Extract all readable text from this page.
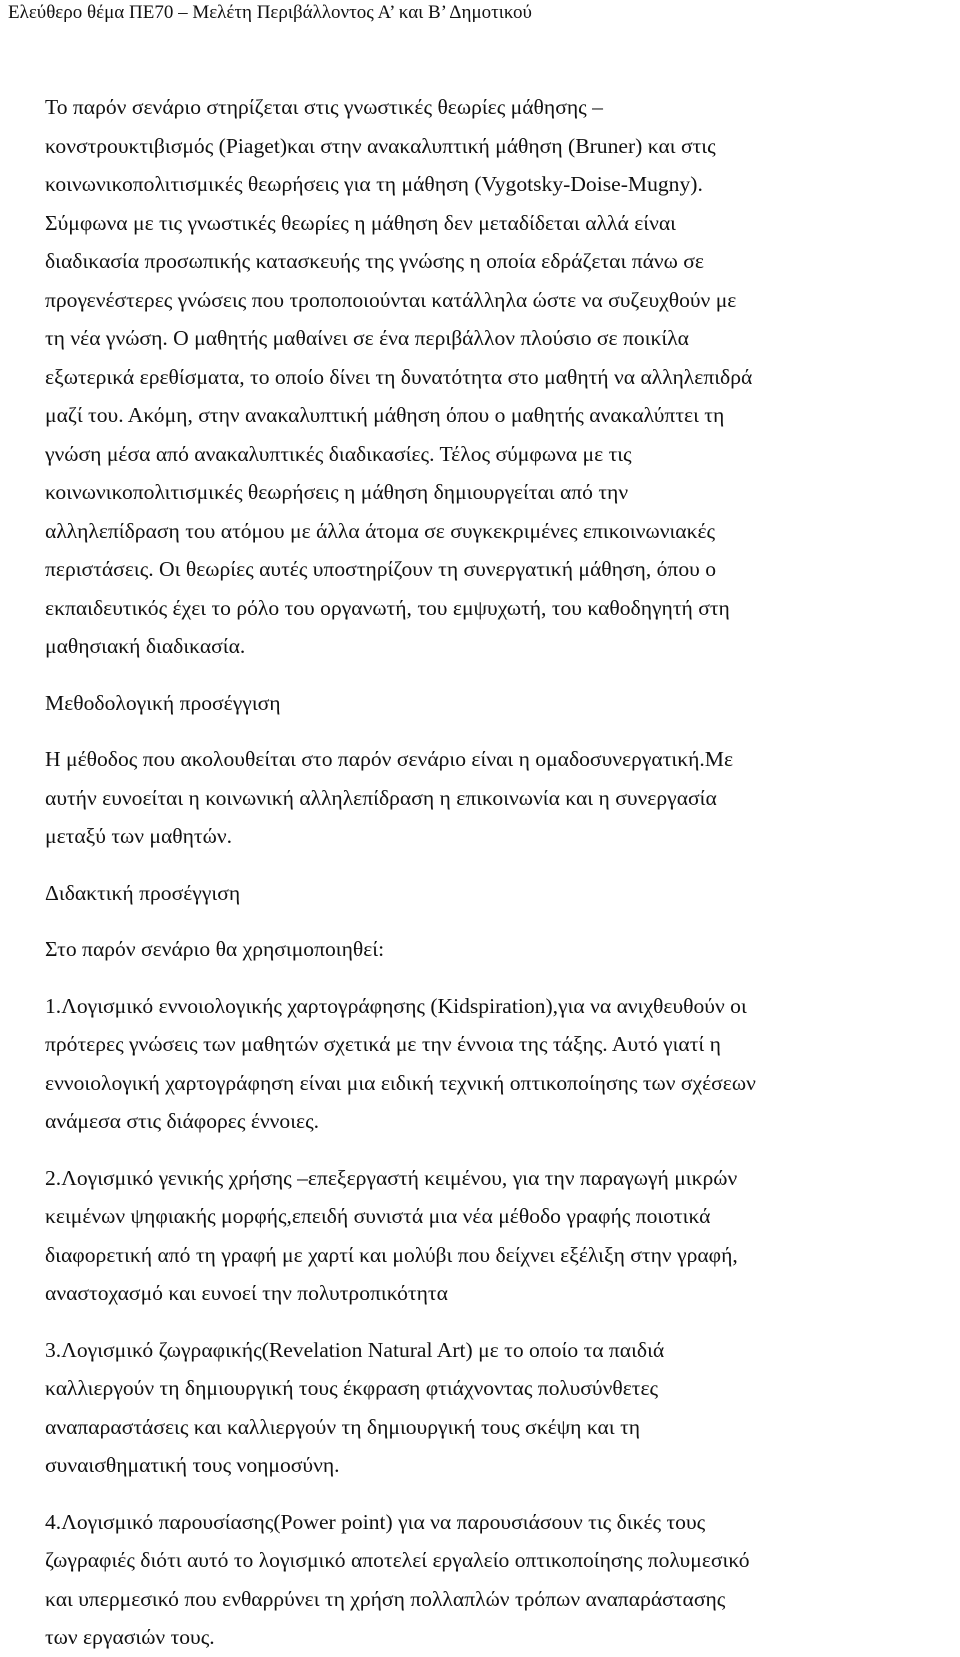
Ελεύθερο θέμα ΠΕ70 – Μελέτη Περιβάλλοντος Α’ και Β’ Δημοτικού

Το παρόν σενάριο στηρίζεται στις γνωστικές θεωρίες μάθησης –
κονστρουκτιβισμός (Piaget)και στην ανακαλυπτική μάθηση (Bruner) και στις
κοινωνικοπολιτισμικές θεωρήσεις για τη μάθηση (Vygotsky-Doise-Mugny).

Σύμφωνα με τις γνωστικές θεωρίες η μάθηση δεν μεταδίδεται αλλά είναι
διαδικασία προσωπικής κατασκευής της γνώσης η οποία εδράζεται πάνω σε
προγενέστερες γνώσεις που τροποποιούνται κατάλληλα ώστε να συζευχθούν με
τη νέα γνώση. Ο μαθητής μαθαίνει σε ένα περιβάλλον πλούσιο σε ποικίλα
εξωτερικά ερεθίσματα, το οποίο δίνει τη δυνατότητα στο μαθητή να αλληλεπιδρά
μαζί του. Ακόμη, στην ανακαλυπτική μάθηση όπου ο μαθητής ανακαλύπτει τη
γνώση μέσα από ανακαλυπτικές διαδικασίες. Τέλος σύμφωνα με τις
κοινωνικοπολιτισμικές θεωρήσεις η μάθηση δημιουργείται από την
αλληλεπίδραση του ατόμου με άλλα άτομα σε συγκεκριμένες επικοινωνιακές
περιστάσεις. Οι θεωρίες αυτές υποστηρίζουν τη συνεργατική μάθηση, όπου ο
εκπαιδευτικός έχει το ρόλο του οργανωτή, του εμψυχωτή, του καθοδηγητή στη
μαθησιακή διαδικασία.

Μεθοδολογική προσέγγιση

Η μέθοδος που ακολουθείται στο παρόν σενάριο είναι η ομαδοσυνεργατική.Με
αυτήν ευνοείται η κοινωνική αλληλεπίδραση η επικοινωνία και η συνεργασία
μεταξύ των μαθητών.

Διδακτική προσέγγιση

Στο παρόν σενάριο θα χρησιμοποιηθεί:

1.Λογισμικό εννοιολογικής χαρτογράφησης (Kidspiration),για να ανιχθευθούν οι
πρότερες γνώσεις των μαθητών σχετικά με την έννοια της τάξης. Αυτό γιατί η
εννοιολογική χαρτογράφηση είναι μια ειδική τεχνική οπτικοποίησης των σχέσεων
ανάμεσα στις διάφορες έννοιες.

2.Λογισμικό γενικής χρήσης –επεξεργαστή κειμένου, για την παραγωγή μικρών
κειμένων ψηφιακής μορφής,επειδή συνιστά μια νέα μέθοδο γραφής ποιοτικά
διαφορετική από τη γραφή με χαρτί και μολύβι που δείχνει εξέλιξη στην γραφή,
αναστοχασμό και ευνοεί την πολυτροπικότητα

3.Λογισμικό ζωγραφικής(Revelation Natural Art) με το οποίο τα παιδιά
καλλιεργούν τη δημιουργική τους έκφραση φτιάχνοντας πολυσύνθετες
αναπαραστάσεις και καλλιεργούν τη δημιουργική τους σκέψη και τη
συναισθηματική τους νοημοσύνη.

4.Λογισμικό παρουσίασης(Power point) για να παρουσιάσουν τις δικές τους
ζωγραφιές διότι αυτό το λογισμικό αποτελεί εργαλείο οπτικοποίησης πολυμεσικό
και υπερμεσικό που ενθαρρύνει τη χρήση πολλαπλών τρόπων αναπαράστασης
των εργασιών τους.
